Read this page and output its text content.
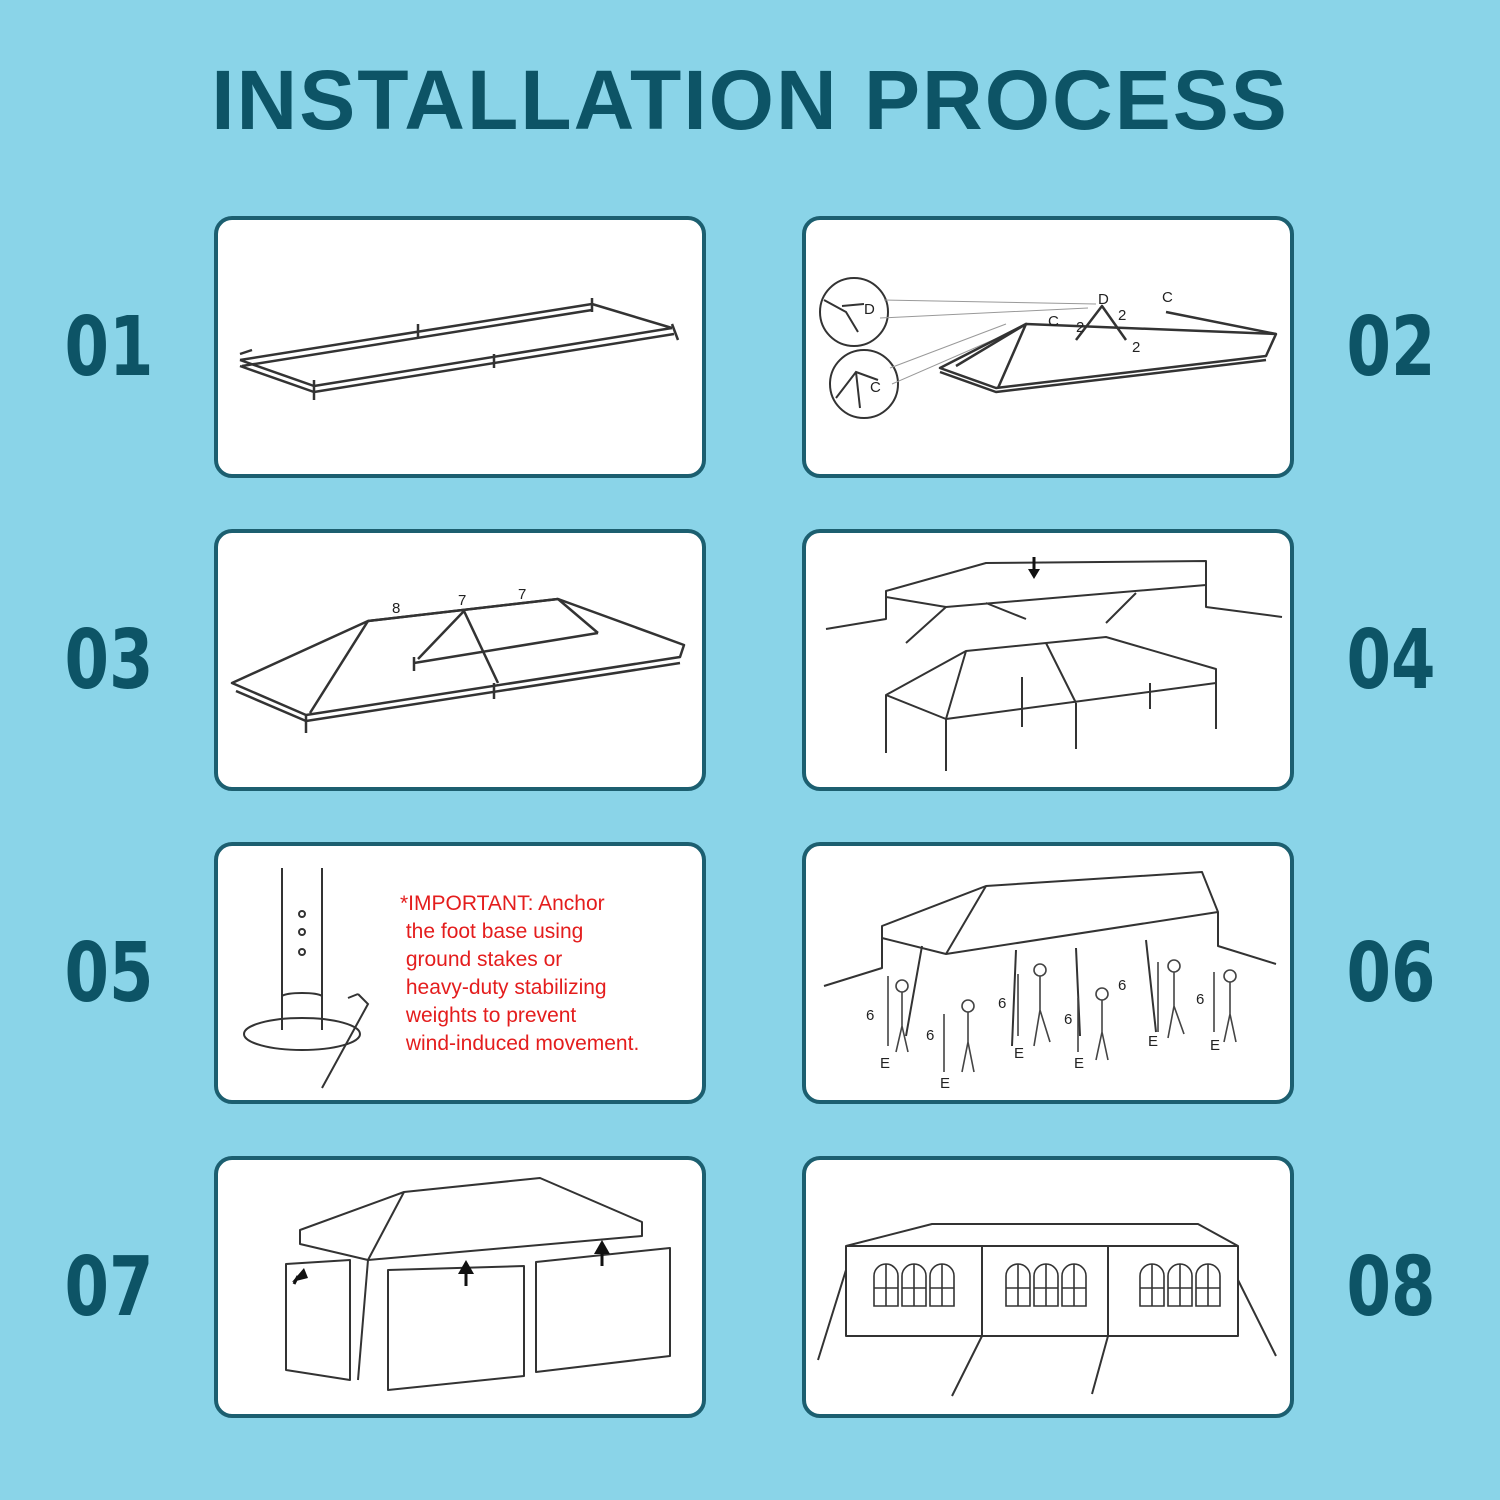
INSTALLATION PROCESS
01	02
03	04
05	06
07	08
D
C
D
C
C
2
2
2
8	7	7
*IMPORTANT: Anchor
the foot base using
ground stakes or
heavy-duty stabilizing
weights to prevent
wind-induced movement.
6
6
6
6
6
6
E
E
E
E
E	E
